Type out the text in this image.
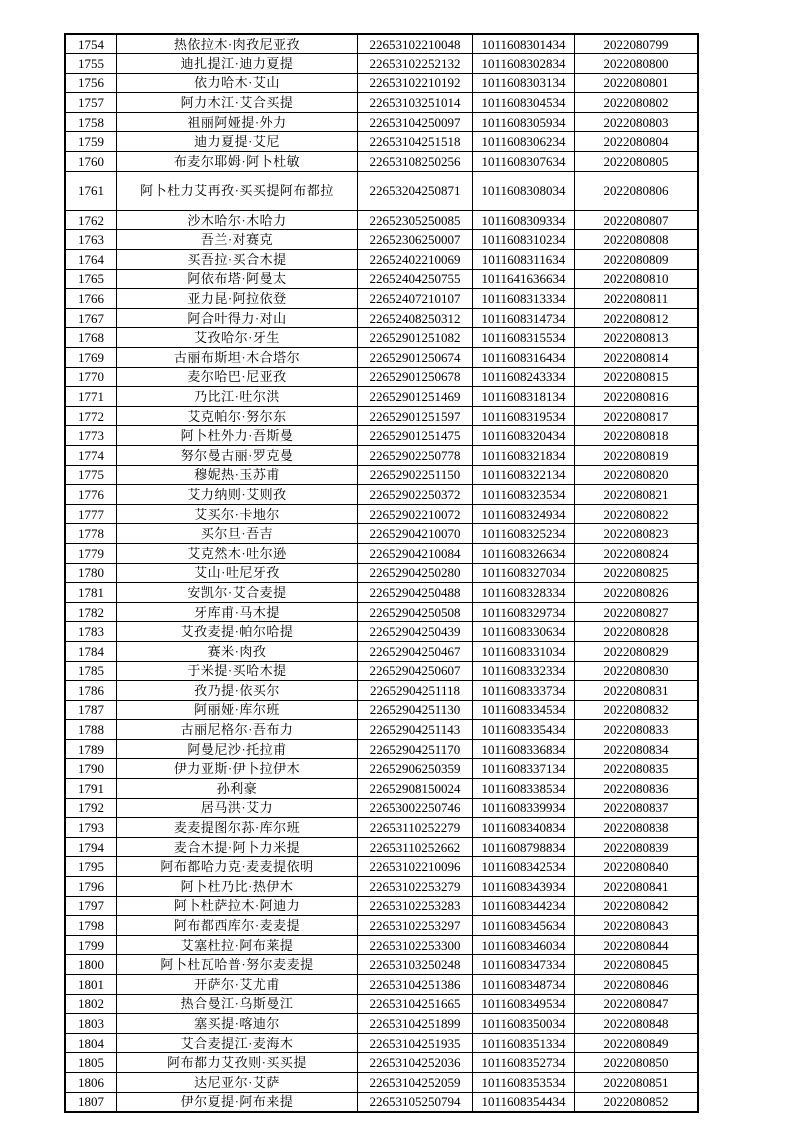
1754	热依拉木·肉孜尼亚孜	22653102210048	1011608301434	2022080799
1755	迪扎提江·迪力夏提	22653102252132	1011608302834	2022080800
1756	依力哈木·艾山	22653102210192	1011608303134	2022080801
1757	阿力木江·艾合买提	22653103251014	1011608304534	2022080802
1758	祖丽阿娅提·外力	22653104250097	1011608305934	2022080803
1759	迪力夏提·艾尼	22653104251518	1011608306234	2022080804
1760	布麦尔耶姆·阿卜杜敏	22653108250256	1011608307634	2022080805
1761	阿卜杜力艾再孜·买买提阿布都拉	22653204250871	1011608308034	2022080806
1762	沙木哈尔·木哈力	22652305250085	1011608309334	2022080807
1763	吾兰·对赛克	22652306250007	1011608310234	2022080808
1764	买吾拉·买合木提	22652402210069	1011608311634	2022080809
1765	阿依布塔·阿曼太	22652404250755	1011641636634	2022080810
1766	亚力昆·阿拉依登	22652407210107	1011608313334	2022080811
1767	阿合叶得力·对山	22652408250312	1011608314734	2022080812
1768	艾孜哈尔·牙生	22652901251082	1011608315534	2022080813
1769	古丽布斯坦·木合塔尔	22652901250674	1011608316434	2022080814
1770	麦尔哈巴·尼亚孜	22652901250678	1011608243334	2022080815
1771	乃比江·吐尔洪	22652901251469	1011608318134	2022080816
1772	艾克帕尔·努尔东	22652901251597	1011608319534	2022080817
1773	阿卜杜外力·吾斯曼	22652901251475	1011608320434	2022080818
1774	努尔曼古丽·罗克曼	22652902250778	1011608321834	2022080819
1775	穆妮热·玉苏甫	22652902251150	1011608322134	2022080820
1776	艾力纳则·艾则孜	22652902250372	1011608323534	2022080821
1777	艾买尔·卡地尔	22652902210072	1011608324934	2022080822
1778	买尔旦·吾吉	22652904210070	1011608325234	2022080823
1779	艾克然木·吐尔逊	22652904210084	1011608326634	2022080824
1780	艾山·吐尼牙孜	22652904250280	1011608327034	2022080825
1781	安凯尔·艾合麦提	22652904250488	1011608328334	2022080826
1782	牙库甫·马木提	22652904250508	1011608329734	2022080827
1783	艾孜麦提·帕尔哈提	22652904250439	1011608330634	2022080828
1784	赛米·肉孜	22652904250467	1011608331034	2022080829
1785	于米提·买哈木提	22652904250607	1011608332334	2022080830
1786	孜乃提·依买尔	22652904251118	1011608333734	2022080831
1787	阿丽娅·库尔班	22652904251130	1011608334534	2022080832
1788	古丽尼格尔·吾布力	22652904251143	1011608335434	2022080833
1789	阿曼尼沙·托拉甫	22652904251170	1011608336834	2022080834
1790	伊力亚斯·伊卜拉伊木	22652906250359	1011608337134	2022080835
1791	孙利豪	22652908150024	1011608338534	2022080836
1792	居马洪·艾力	22653002250746	1011608339934	2022080837
1793	麦麦提图尔荪·库尔班	22653110252279	1011608340834	2022080838
1794	麦合木提·阿卜力米提	22653110252662	1011608798834	2022080839
1795	阿布都哈力克·麦麦提依明	22653102210096	1011608342534	2022080840
1796	阿卜杜乃比·热伊木	22653102253279	1011608343934	2022080841
1797	阿卜杜萨拉木·阿迪力	22653102253283	1011608344234	2022080842
1798	阿布都西库尔·麦麦提	22653102253297	1011608345634	2022080843
1799	艾塞杜拉·阿布莱提	22653102253300	1011608346034	2022080844
1800	阿卜杜瓦哈普·努尔麦麦提	22653103250248	1011608347334	2022080845
1801	开萨尔·艾尤甫	22653104251386	1011608348734	2022080846
1802	热合曼江·乌斯曼江	22653104251665	1011608349534	2022080847
1803	塞买提·喀迪尔	22653104251899	1011608350034	2022080848
1804	艾合麦提江·麦海木	22653104251935	1011608351334	2022080849
1805	阿布都力艾孜则·买买提	22653104252036	1011608352734	2022080850
1806	达尼亚尔·艾萨	22653104252059	1011608353534	2022080851
1807	伊尔夏提·阿布来提	22653105250794	1011608354434	2022080852
